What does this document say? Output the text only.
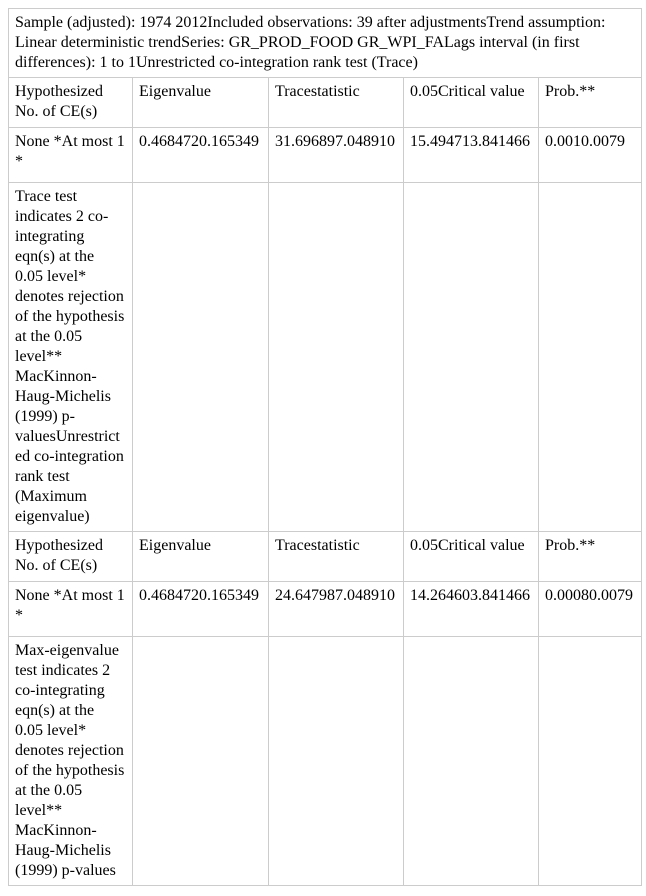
Sample (adjusted): 1974 2012Included observations: 39 after adjustmentsTrend assumption: Linear deterministic trendSeries: GR_PROD_FOOD GR_WPI_FALags interval (in first differences): 1 to 1Unrestricted co-integration rank test (Trace)				
Hypothesized No. of CE(s)	Eigenvalue	Tracestatistic	0.05Critical value	Prob.**
None *At most 1 *	0.4684720.165349	31.696897.048910	15.494713.841466	0.0010.0079
Trace test indicates 2 co-integrating eqn(s) at the 0.05 level* denotes rejection of the hypothesis at the 0.05 level** MacKinnon-Haug-Michelis (1999) p-valuesUnrestricted co-integration rank test (Maximum eigenvalue)				
Hypothesized No. of CE(s)	Eigenvalue	Tracestatistic	0.05Critical value	Prob.**
None *At most 1 *	0.4684720.165349	24.647987.048910	14.264603.841466	0.00080.0079
Max-eigenvalue test indicates 2 co-integrating eqn(s) at the 0.05 level* denotes rejection of the hypothesis at the 0.05 level** MacKinnon-Haug-Michelis (1999) p-values				
